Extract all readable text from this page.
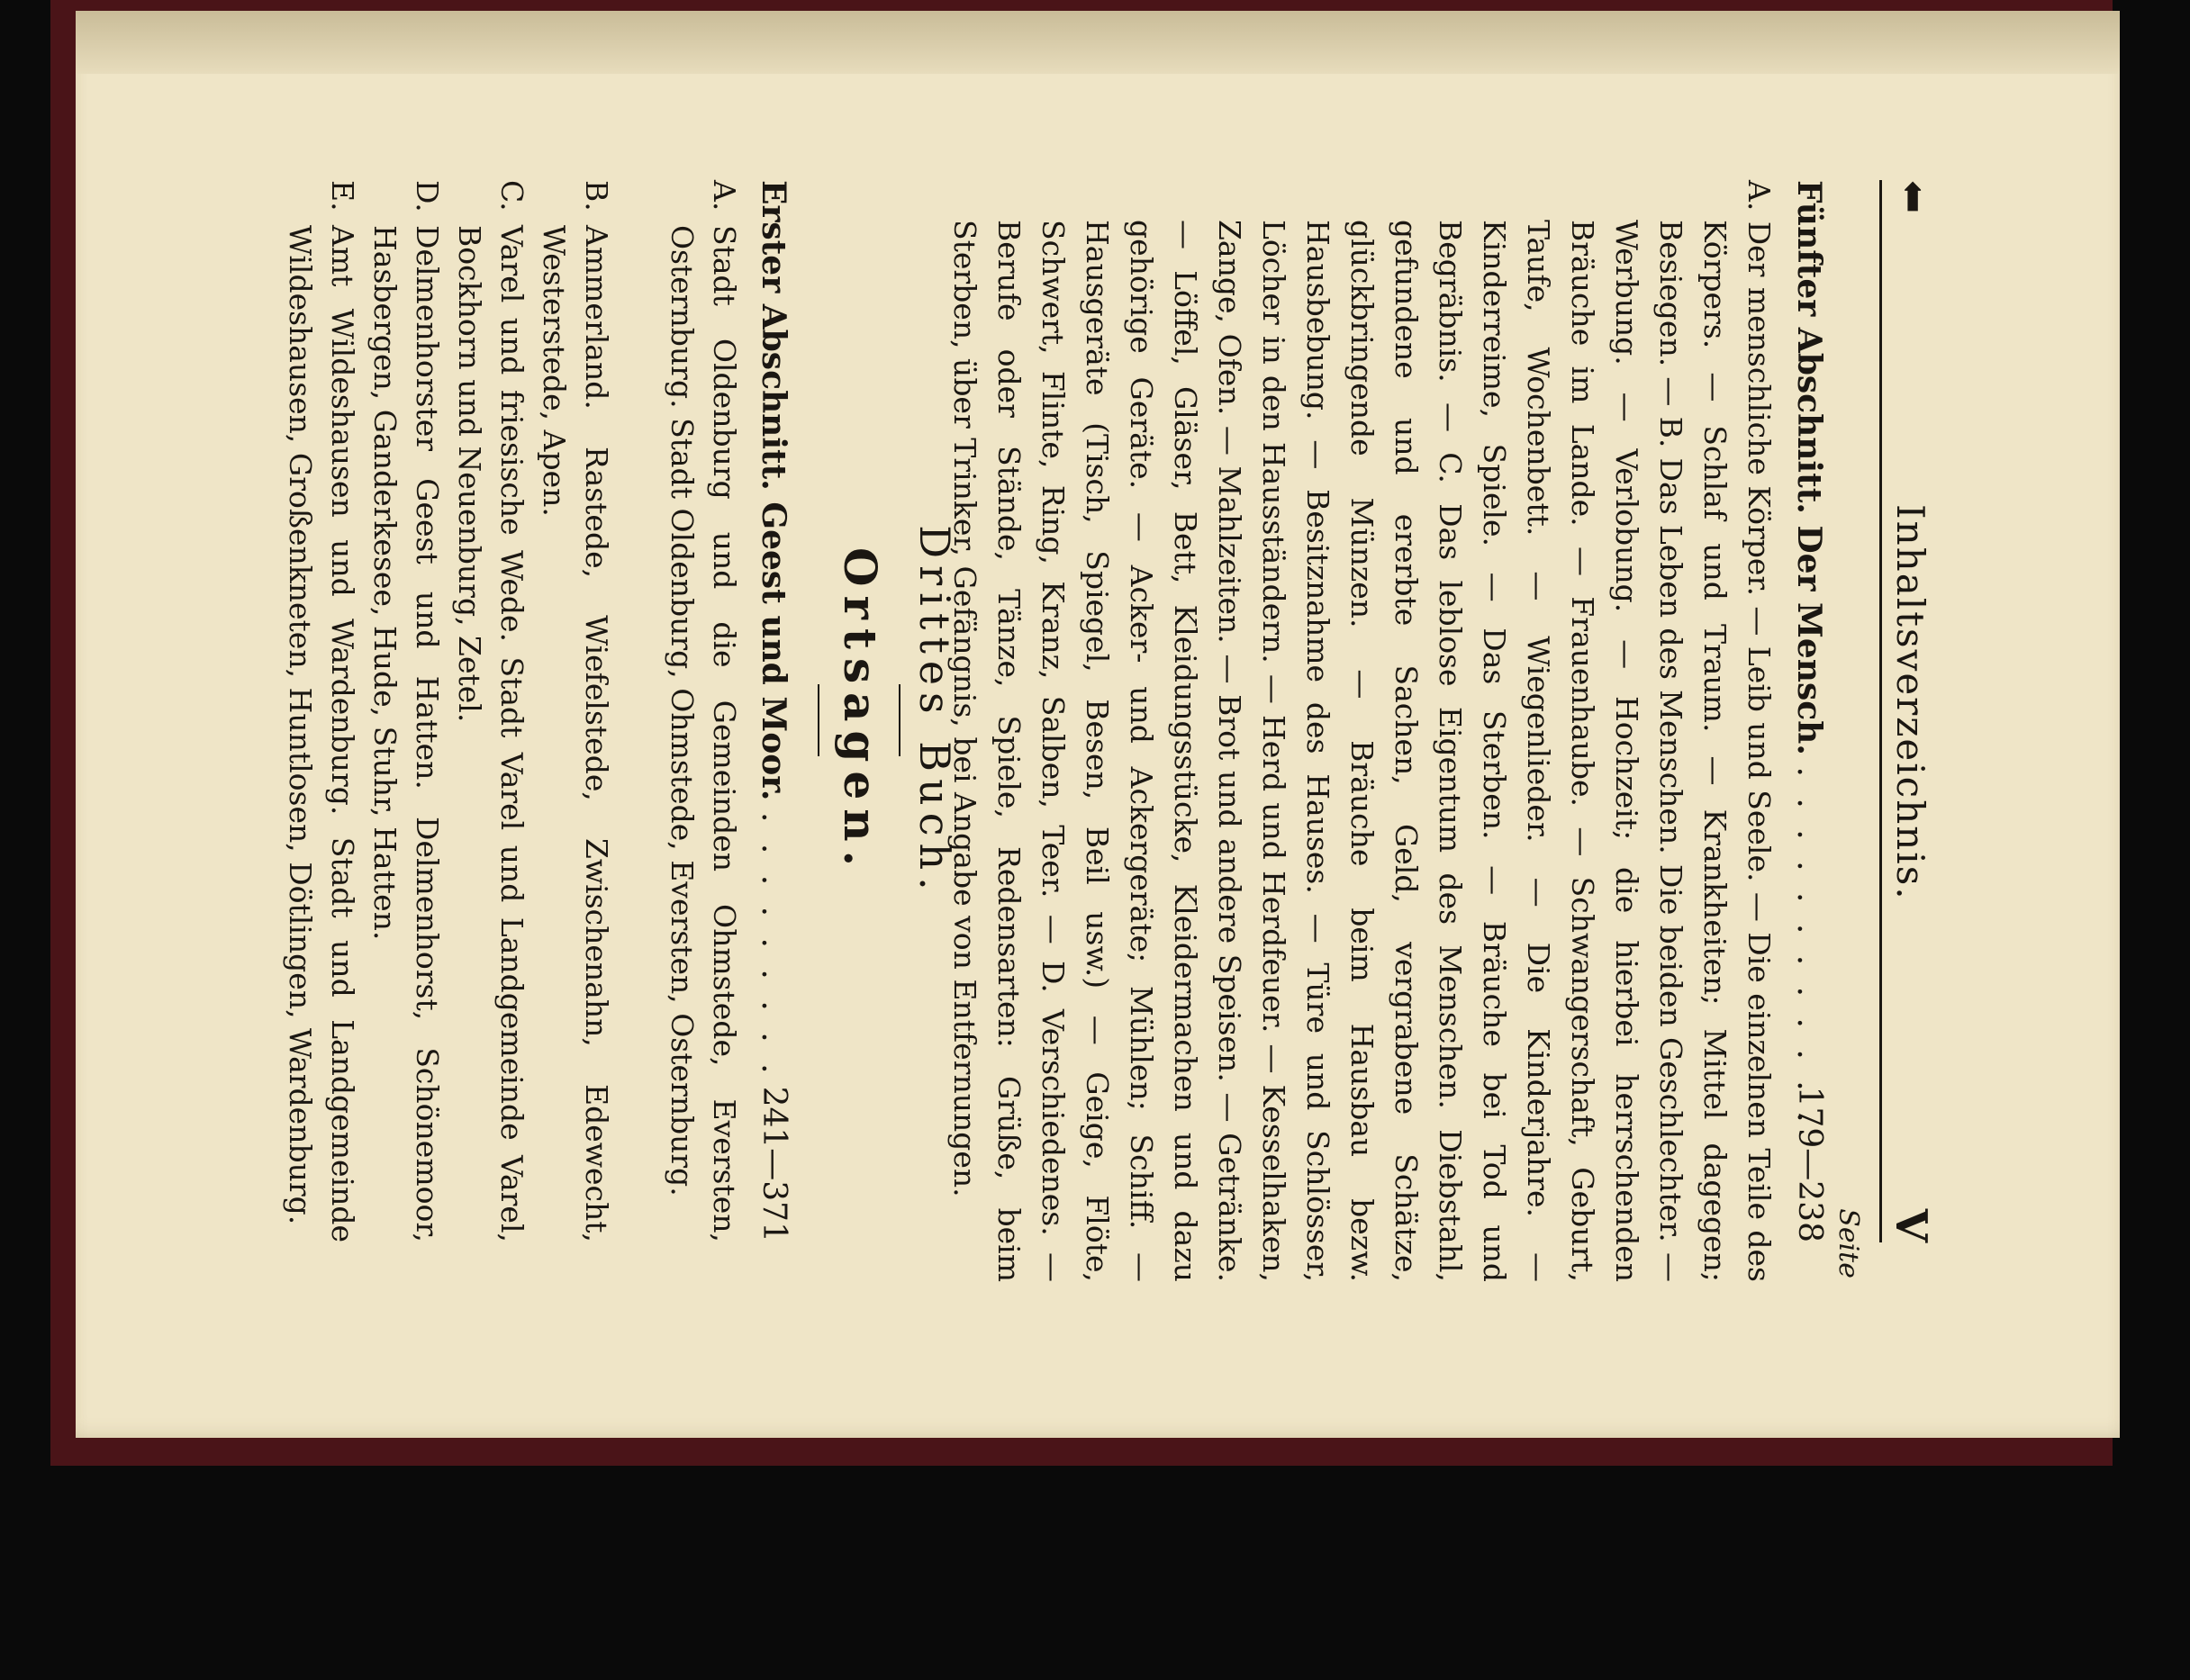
⬅
Inhaltsverzeichnis.
V
Seite
Fünfter Abschnitt. Der Mensch. . . . . . . . . . . . .
179—238
A. Der menschliche Körper. — Leib und Seele. — Die einzelnen Teile des Körpers. — Schlaf und Traum. — Krankheiten; Mittel dagegen; Besiegen. — B. Das Leben des Menschen. Die beiden Geschlechter. — Werbung. — Verlobung. — Hochzeit; die hierbei herrschenden Bräuche im Lande. — Frauenhaube. — Schwangerschaft, Geburt, Taufe, Wochenbett. — Wiegenlieder. — Die Kinderjahre. — Kinderreime, Spiele. — Das Sterben. — Bräuche bei Tod und Begräbnis. — C. Das leblose Eigentum des Menschen. Diebstahl, gefundene und ererbte Sachen, Geld, vergrabene Schätze, glückbringende Münzen. — Bräuche beim Hausbau bezw. Hausbebung. — Besitznahme des Hauses. — Türe und Schlösser, Löcher in den Hausständern. — Herd und Herdfeuer. — Kesselhaken, Zange, Ofen. — Mahlzeiten. — Brot und andere Speisen. — Getränke. — Löffel, Gläser, Bett, Kleidungsstücke, Kleidermachen und dazu gehörige Geräte. — Acker- und Ackergeräte; Mühlen; Schiff. — Hausgeräte (Tisch, Spiegel, Besen, Beil usw.) — Geige, Flöte, Schwert, Flinte, Ring, Kranz, Salben, Teer. — D. Verschiedenes. — Berufe oder Stände, Tänze, Spiele, Redensarten: Grüße, beim Sterben, über Trinker, Gefängnis, bei Angabe von Entfernungen.
Drittes Buch.
Ortsagen.
Erster Abschnitt. Geest und Moor. . . . . . . . . .
241—371
A.
Stadt Oldenburg und die Gemeinden Ohmstede, Eversten, Osternburg. Stadt Oldenburg, Ohmstede, Eversten, Osternburg.
B.
Ammerland. Rastede, Wiefelstede, Zwischenahn, Edewecht, Westerstede, Apen.
C.
Varel und friesische Wede. Stadt Varel und Landgemeinde Varel, Bockhorn und Neuenburg, Zetel.
D.
Delmenhorster Geest und Hatten. Delmenhorst, Schönemoor, Hasbergen, Ganderkesee, Hude, Stuhr, Hatten.
E.
Amt Wildeshausen und Wardenburg. Stadt und Landgemeinde Wildeshausen, Großenkneten, Huntlosen, Dötlingen, Wardenburg.
